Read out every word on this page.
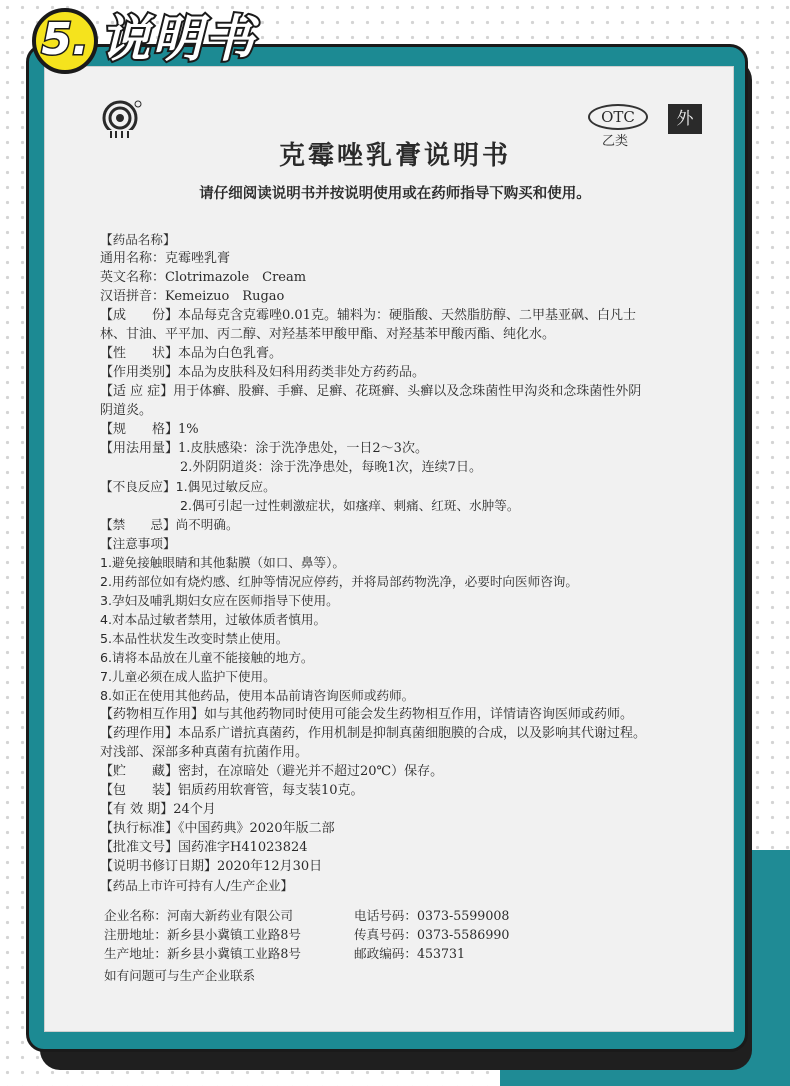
5. 说明书
OTC
乙类
外
克霉唑乳膏说明书
请仔细阅读说明书并按说明使用或在药师指导下购买和使用。
【药品名称】
通用名称：克霉唑乳膏
英文名称：Clotrimazole　Cream
汉语拼音：Kemeizuo　Rugao
【成　　份】本品每克含克霉唑0.01克。辅料为：硬脂酸、天然脂肪醇、二甲基亚砜、白凡士
林、甘油、平平加、丙二醇、对羟基苯甲酸甲酯、对羟基苯甲酸丙酯、纯化水。
【性　　状】本品为白色乳膏。
【作用类别】本品为皮肤科及妇科用药类非处方药药品。
【适 应 症】用于体癣、股癣、手癣、足癣、花斑癣、头癣以及念珠菌性甲沟炎和念珠菌性外阴
阴道炎。
【规　　格】1%
【用法用量】1.皮肤感染：涂于洗净患处，一日2～3次。
2.外阴阴道炎：涂于洗净患处，每晚1次，连续7日。
【不良反应】1.偶见过敏反应。
2.偶可引起一过性刺激症状，如瘙痒、刺痛、红斑、水肿等。
【禁　　忌】尚不明确。
【注意事项】
1.避免接触眼睛和其他黏膜（如口、鼻等）。
2.用药部位如有烧灼感、红肿等情况应停药，并将局部药物洗净，必要时向医师咨询。
3.孕妇及哺乳期妇女应在医师指导下使用。
4.对本品过敏者禁用，过敏体质者慎用。
5.本品性状发生改变时禁止使用。
6.请将本品放在儿童不能接触的地方。
7.儿童必须在成人监护下使用。
8.如正在使用其他药品，使用本品前请咨询医师或药师。
【药物相互作用】如与其他药物同时使用可能会发生药物相互作用，详情请咨询医师或药师。
【药理作用】本品系广谱抗真菌药，作用机制是抑制真菌细胞膜的合成，以及影响其代谢过程。
对浅部、深部多种真菌有抗菌作用。
【贮　　藏】密封，在凉暗处（避光并不超过20℃）保存。
【包　　装】铝质药用软膏管，每支装10克。
【有 效 期】24个月
【执行标准】《中国药典》2020年版二部
【批准文号】国药准字H41023824
【说明书修订日期】2020年12月30日
【药品上市许可持有人/生产企业】
企业名称：河南大新药业有限公司	电话号码：0373-5599008
注册地址：新乡县小冀镇工业路8号	传真号码：0373-5586990
生产地址：新乡县小冀镇工业路8号	邮政编码：453731
如有问题可与生产企业联系
